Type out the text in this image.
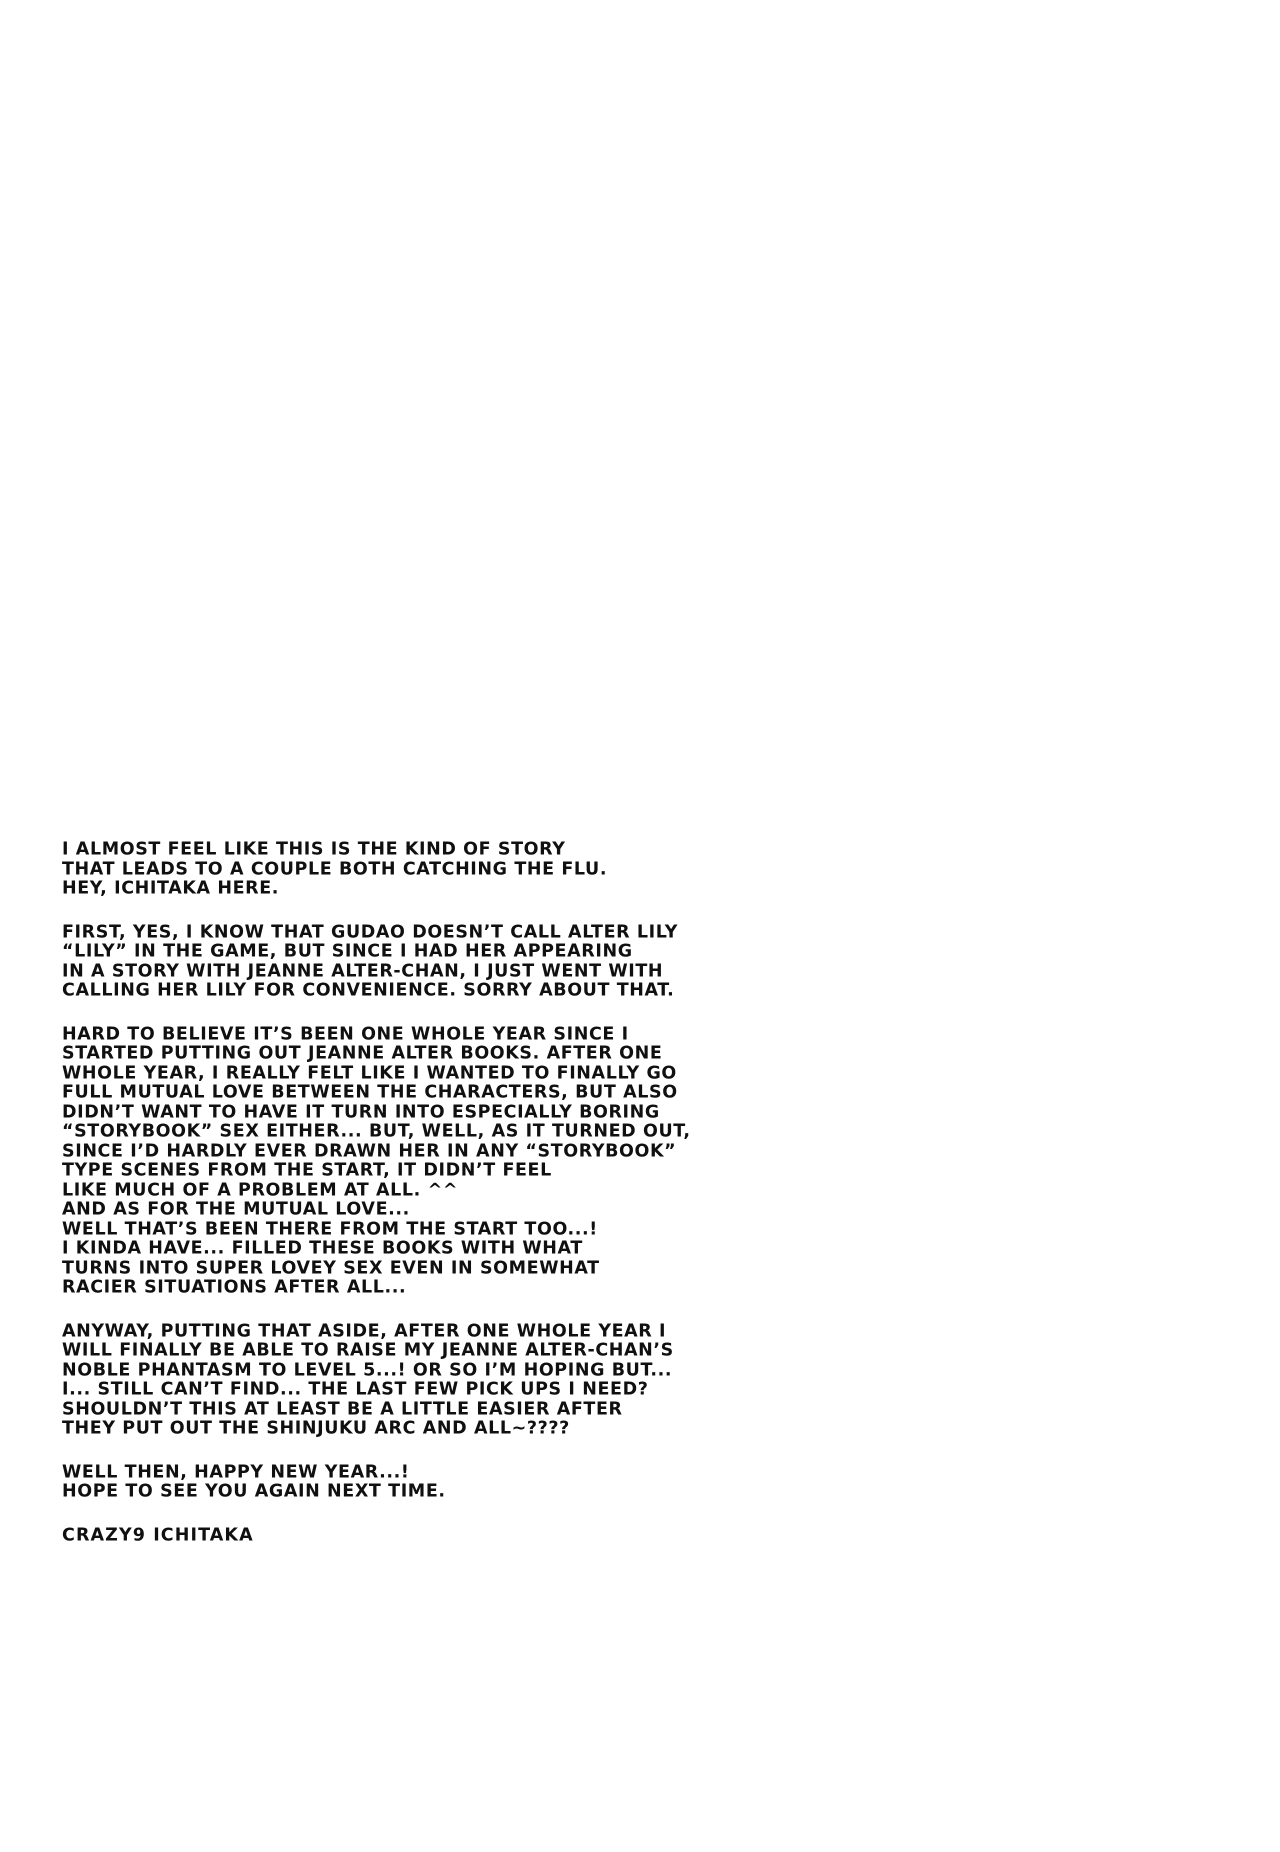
I ALMOST FEEL LIKE THIS IS THE KIND OF STORY
THAT LEADS TO A COUPLE BOTH CATCHING THE FLU.
HEY, ICHITAKA HERE.
FIRST, YES, I KNOW THAT GUDAO DOESN’T CALL ALTER LILY
“LILY” IN THE GAME, BUT SINCE I HAD HER APPEARING
IN A STORY WITH JEANNE ALTER-CHAN, I JUST WENT WITH
CALLING HER LILY FOR CONVENIENCE. SORRY ABOUT THAT.
HARD TO BELIEVE IT’S BEEN ONE WHOLE YEAR SINCE I
STARTED PUTTING OUT JEANNE ALTER BOOKS. AFTER ONE
WHOLE YEAR, I REALLY FELT LIKE I WANTED TO FINALLY GO
FULL MUTUAL LOVE BETWEEN THE CHARACTERS, BUT ALSO
DIDN’T WANT TO HAVE IT TURN INTO ESPECIALLY BORING
“STORYBOOK” SEX EITHER... BUT, WELL, AS IT TURNED OUT,
SINCE I’D HARDLY EVER DRAWN HER IN ANY “STORYBOOK”
TYPE SCENES FROM THE START, IT DIDN’T FEEL
LIKE MUCH OF A PROBLEM AT ALL. ^^
AND AS FOR THE MUTUAL LOVE...
WELL THAT’S BEEN THERE FROM THE START TOO...!
I KINDA HAVE... FILLED THESE BOOKS WITH WHAT
TURNS INTO SUPER LOVEY SEX EVEN IN SOMEWHAT
RACIER SITUATIONS AFTER ALL...
ANYWAY, PUTTING THAT ASIDE, AFTER ONE WHOLE YEAR I
WILL FINALLY BE ABLE TO RAISE MY JEANNE ALTER-CHAN’S
NOBLE PHANTASM TO LEVEL 5...! OR SO I’M HOPING BUT...
I... STILL CAN’T FIND... THE LAST FEW PICK UPS I NEED?
SHOULDN’T THIS AT LEAST BE A LITTLE EASIER AFTER
THEY PUT OUT THE SHINJUKU ARC AND ALL~????
WELL THEN, HAPPY NEW YEAR...!
HOPE TO SEE YOU AGAIN NEXT TIME.
CRAZY9 ICHITAKA
